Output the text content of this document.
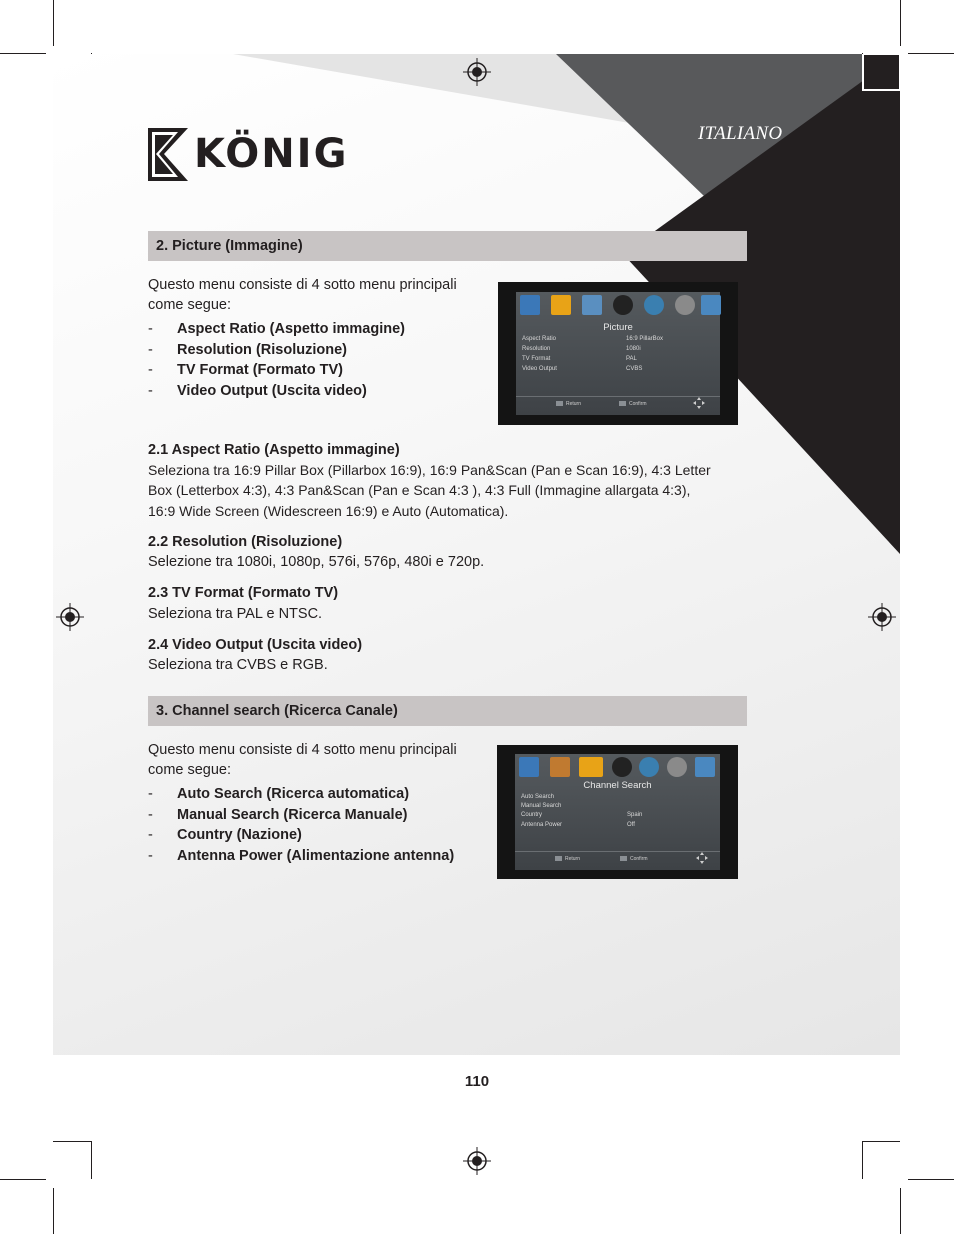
KÖNIG	ITALIANO
2. Picture (Immagine)
Questo menu consiste di 4 sotto menu principali
come segue:
- Aspect Ratio (Aspetto immagine)
- Resolution (Risoluzione)
- TV Format (Formato TV)
- Video Output (Uscita video)
Picture
Aspect Ratio	16:9 PillarBox
Resolution	1080i
TV Format	PAL
Video Output	CVBS
Return	Confirm
2.1 Aspect Ratio (Aspetto immagine)
Seleziona tra 16:9 Pillar Box (Pillarbox 16:9), 16:9 Pan&Scan (Pan e Scan 16:9), 4:3 Letter
Box (Letterbox 4:3), 4:3 Pan&Scan (Pan e Scan 4:3 ), 4:3 Full (Immagine allargata 4:3),
16:9 Wide Screen (Widescreen 16:9) e Auto (Automatica).
2.2 Resolution (Risoluzione)
Selezione tra 1080i, 1080p, 576i, 576p, 480i e 720p.
2.3 TV Format (Formato TV)
Seleziona tra PAL e NTSC.
2.4 Video Output (Uscita video)
Seleziona tra CVBS e RGB.
3. Channel search (Ricerca Canale)
Questo menu consiste di 4 sotto menu principali
come segue:
- Auto Search (Ricerca automatica)
- Manual Search (Ricerca Manuale)
- Country (Nazione)
- Antenna Power (Alimentazione antenna)
Channel Search
Auto Search
Manual Search
Country	Spain
Antenna Power	Off
Return	Confirm
110
